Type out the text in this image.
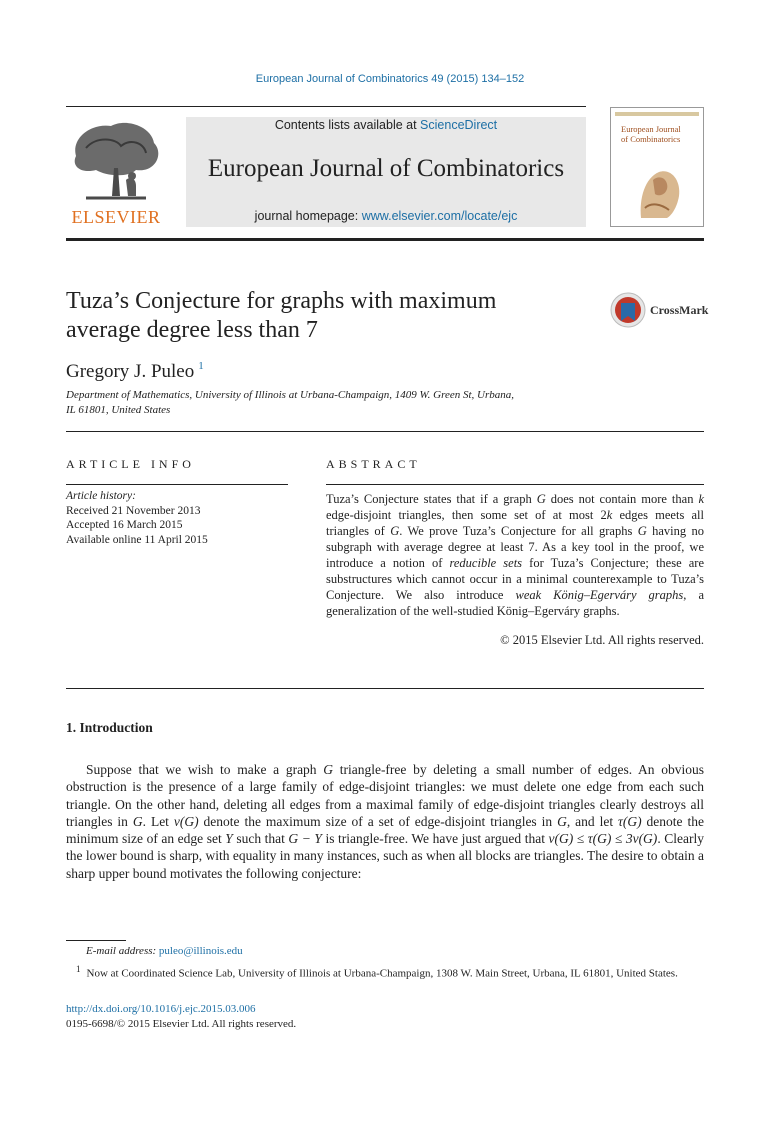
European Journal of Combinatorics 49 (2015) 134–152
ELSEVIER
Contents lists available at ScienceDirect
European Journal of Combinatorics
journal homepage: www.elsevier.com/locate/ejc
European Journal
of Combinatorics
Tuza’s Conjecture for graphs with maximum
average degree less than 7
CrossMark
Gregory J. Puleo $^1$
Department of Mathematics, University of Illinois at Urbana-Champaign, 1409 W. Green St, Urbana,
IL 61801, United States
ARTICLE INFO
Article history:
Received 21 November 2013
Accepted 16 March 2015
Available online 11 April 2015
ABSTRACT
Tuza’s Conjecture states that if a graph G does not contain more than k edge-disjoint triangles, then some set of at most 2k edges meets all triangles of G. We prove Tuza’s Conjecture for all graphs G having no subgraph with average degree at least 7. As a key tool in the proof, we introduce a notion of reducible sets for Tuza’s Conjecture; these are substructures which cannot occur in a minimal counterexample to Tuza’s Conjecture. We also introduce weak König–Egerváry graphs, a generalization of the well-studied König–Egerváry graphs.
© 2015 Elsevier Ltd. All rights reserved.
1. Introduction
Suppose that we wish to make a graph G triangle-free by deleting a small number of edges. An obvious obstruction is the presence of a large family of edge-disjoint triangles: we must delete one edge from each such triangle. On the other hand, deleting all edges from a maximal family of edge-disjoint triangles clearly destroys all triangles in G. Let ν(G) denote the maximum size of a set of edge-disjoint triangles in G, and let τ(G) denote the minimum size of an edge set Y such that G − Y is triangle-free. We have just argued that ν(G) ≤ τ(G) ≤ 3ν(G). Clearly the lower bound is sharp, with equality in many instances, such as when all blocks are triangles. The desire to obtain a sharp upper bound motivates the following conjecture:
E-mail address: puleo@illinois.edu
$^1$ Now at Coordinated Science Lab, University of Illinois at Urbana-Champaign, 1308 W. Main Street, Urbana, IL 61801, United States.
http://dx.doi.org/10.1016/j.ejc.2015.03.006
0195-6698/© 2015 Elsevier Ltd. All rights reserved.
